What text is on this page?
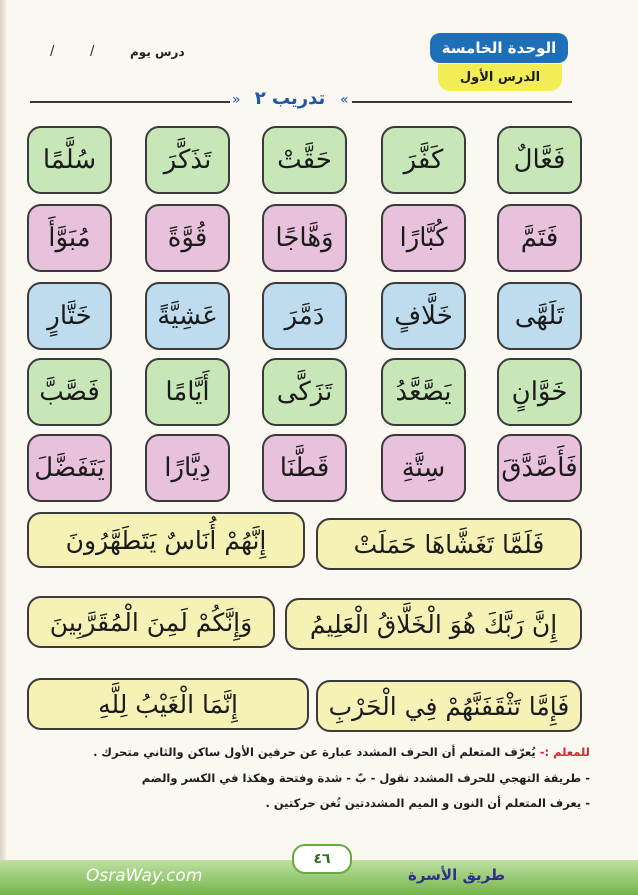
الوحدة الخامسة
الدرس الأول
/	/	درس يوم
»	«
تدريب ٢
فَعَّالٌ
كَفَّرَ
حَقَّتْ
تَذَكَّرَ
سُلَّمًا
فَتَمَّ
كُبَّارًا
وَهَّاجًا
قُوَّةً
مُبَوَّأَ
تَلَهَّى
خَلَّافٍ
دَمَّرَ
عَشِيَّةً
خَتَّارٍ
خَوَّانٍ
يَصَّعَّدُ
تَزَكَّى
أَيَّامًا
فَصَّبَّ
فَأَصَّدَّقَ
سِتَّةِ
قَطَّنَا
دِيَّارًا
يَتَفَضَّلَ
فَلَمَّا تَغَشَّاهَا حَمَلَتْ
إِنَّهُمْ أُنَاسٌ يَتَطَهَّرُونَ
إِنَّ رَبَّكَ هُوَ الْخَلَّاقُ الْعَلِيمُ
وَإِنَّكُمْ لَمِنَ الْمُقَرَّبِينَ
فَإِمَّا تَثْقَفَنَّهُمْ فِي الْحَرْبِ
إِنَّمَا الْغَيْبُ لِلَّهِ
للمعلم :- يُعرّف المتعلم أن الحرف المشدد عبارة عن حرفين الأول ساكن والثاني متحرك .
- طريقة التهجي للحرف المشدد نقول - بّ - شدة وفتحة وهكذا في الكسر والضم
- يعرف المتعلم أن النون و الميم المشددتين تُغن حركتين .
٤٦
OsraWay.com	طريق الأسرة
